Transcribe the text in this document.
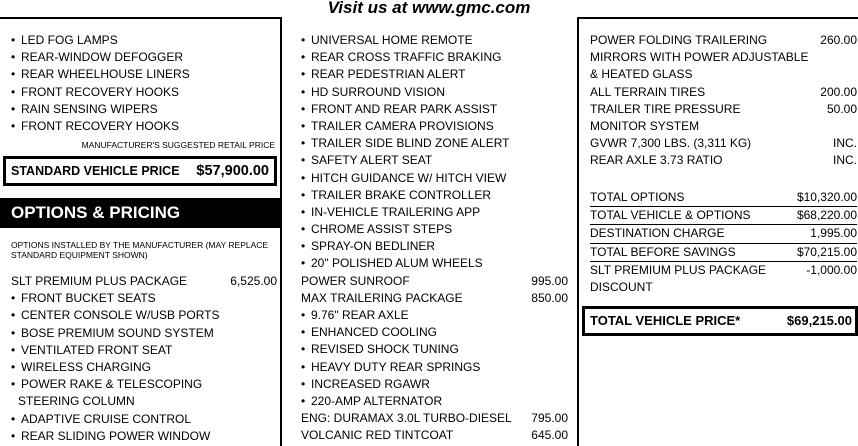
Visit us at www.gmc.com
• LED FOG LAMPS
• REAR-WINDOW DEFOGGER
• REAR WHEELHOUSE LINERS
• FRONT RECOVERY HOOKS
• RAIN SENSING WIPERS
• FRONT RECOVERY HOOKS
MANUFACTURER'S SUGGESTED RETAIL PRICE
STANDARD VEHICLE PRICE $57,900.00
OPTIONS & PRICING
OPTIONS INSTALLED BY THE MANUFACTURER (MAY REPLACE STANDARD EQUIPMENT SHOWN)
SLT PREMIUM PLUS PACKAGE	6,525.00
• FRONT BUCKET SEATS
• CENTER CONSOLE W/USB PORTS
• BOSE PREMIUM SOUND SYSTEM
• VENTILATED FRONT SEAT
• WIRELESS CHARGING
• POWER RAKE & TELESCOPING
STEERING COLUMN
• ADAPTIVE CRUISE CONTROL
• REAR SLIDING POWER WINDOW
• UNIVERSAL HOME REMOTE
• REAR CROSS TRAFFIC BRAKING
• REAR PEDESTRIAN ALERT
• HD SURROUND VISION
• FRONT AND REAR PARK ASSIST
• TRAILER CAMERA PROVISIONS
• TRAILER SIDE BLIND ZONE ALERT
• SAFETY ALERT SEAT
• HITCH GUIDANCE W/ HITCH VIEW
• TRAILER BRAKE CONTROLLER
• IN-VEHICLE TRAILERING APP
• CHROME ASSIST STEPS
• SPRAY-ON BEDLINER
• 20" POLISHED ALUM WHEELS
POWER SUNROOF	995.00
MAX TRAILERING PACKAGE	850.00
• 9.76" REAR AXLE
• ENHANCED COOLING
• REVISED SHOCK TUNING
• HEAVY DUTY REAR SPRINGS
• INCREASED RGAWR
• 220-AMP ALTERNATOR
ENG: DURAMAX 3.0L TURBO-DIESEL 795.00
VOLCANIC RED TINTCOAT	645.00
POWER FOLDING TRAILERING	260.00
MIRRORS WITH POWER ADJUSTABLE
& HEATED GLASS
ALL TERRAIN TIRES	200.00
TRAILER TIRE PRESSURE	50.00
MONITOR SYSTEM
GVWR 7,300 LBS. (3,311 KG)	INC.
REAR AXLE 3.73 RATIO	INC.
TOTAL OPTIONS	$10,320.00
TOTAL VEHICLE & OPTIONS	$68,220.00
DESTINATION CHARGE	1,995.00
TOTAL BEFORE SAVINGS	$70,215.00
SLT PREMIUM PLUS PACKAGE	-1,000.00
DISCOUNT
TOTAL VEHICLE PRICE*	$69,215.00
